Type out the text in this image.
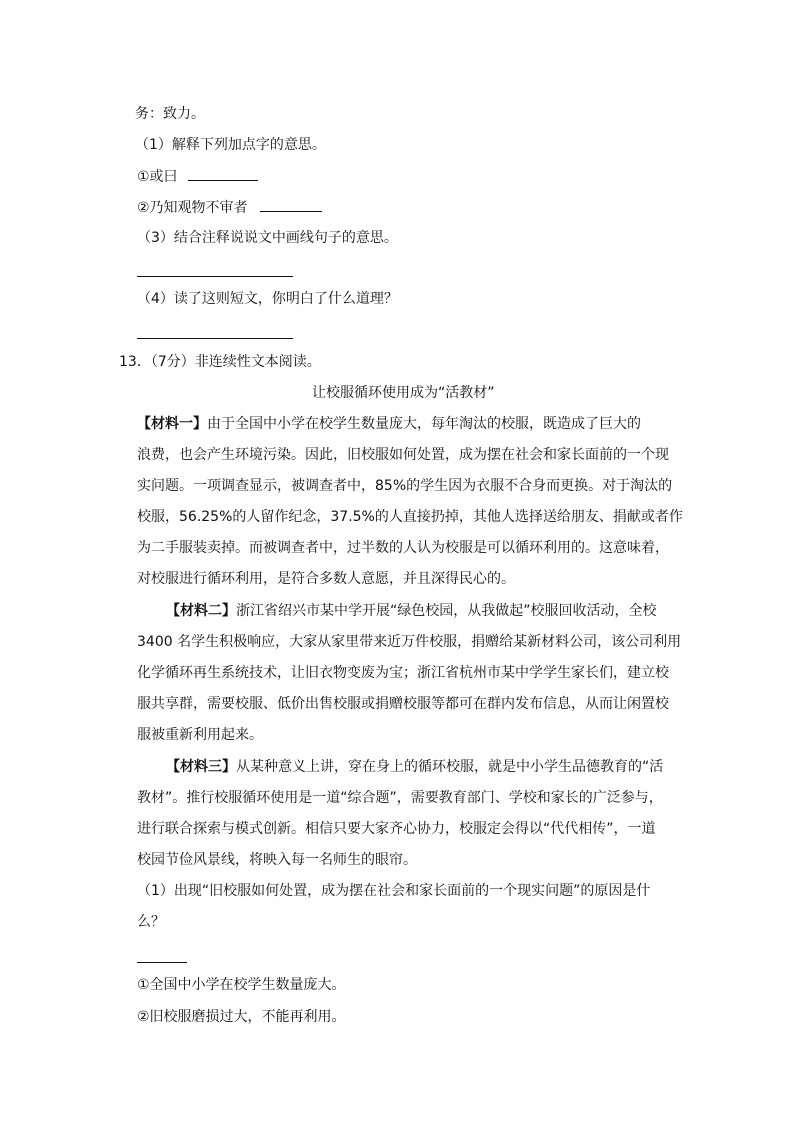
务：致力。
（1）解释下列加点字的意思。
①或曰
②乃知观物不审者
（3）结合注释说说文中画线句子的意思。
（4）读了这则短文，你明白了什么道理？
13．（7分）非连续性文本阅读。
让校服循环使用成为“活教材”
【材料一】由于全国中小学在校学生数量庞大，每年淘汰的校服，既造成了巨大的
浪费，也会产生环境污染。因此，旧校服如何处置，成为摆在社会和家长面前的一个现
实问题。一项调查显示，被调查者中，85%的学生因为衣服不合身而更换。对于淘汰的
校服，56.25%的人留作纪念，37.5%的人直接扔掉，其他人选择送给朋友、捐献或者作
为二手服装卖掉。而被调查者中，过半数的人认为校服是可以循环利用的。这意味着，
对校服进行循环利用，是符合多数人意愿，并且深得民心的。
【材料二】浙江省绍兴市某中学开展“绿色校园，从我做起”校服回收活动，全校
3400 名学生积极响应，大家从家里带来近万件校服，捐赠给某新材料公司，该公司利用
化学循环再生系统技术，让旧衣物变废为宝；浙江省杭州市某中学学生家长们，建立校
服共享群，需要校服、低价出售校服或捐赠校服等都可在群内发布信息，从而让闲置校
服被重新利用起来。
【材料三】从某种意义上讲，穿在身上的循环校服，就是中小学生品德教育的“活
教材”。推行校服循环使用是一道“综合题”，需要教育部门、学校和家长的广泛参与，
进行联合探索与模式创新。相信只要大家齐心协力，校服定会得以“代代相传”，一道
校园节俭风景线，将映入每一名师生的眼帘。
（1）出现“旧校服如何处置，成为摆在社会和家长面前的一个现实问题”的原因是什
么？
①全国中小学在校学生数量庞大。
②旧校服磨损过大，不能再利用。
